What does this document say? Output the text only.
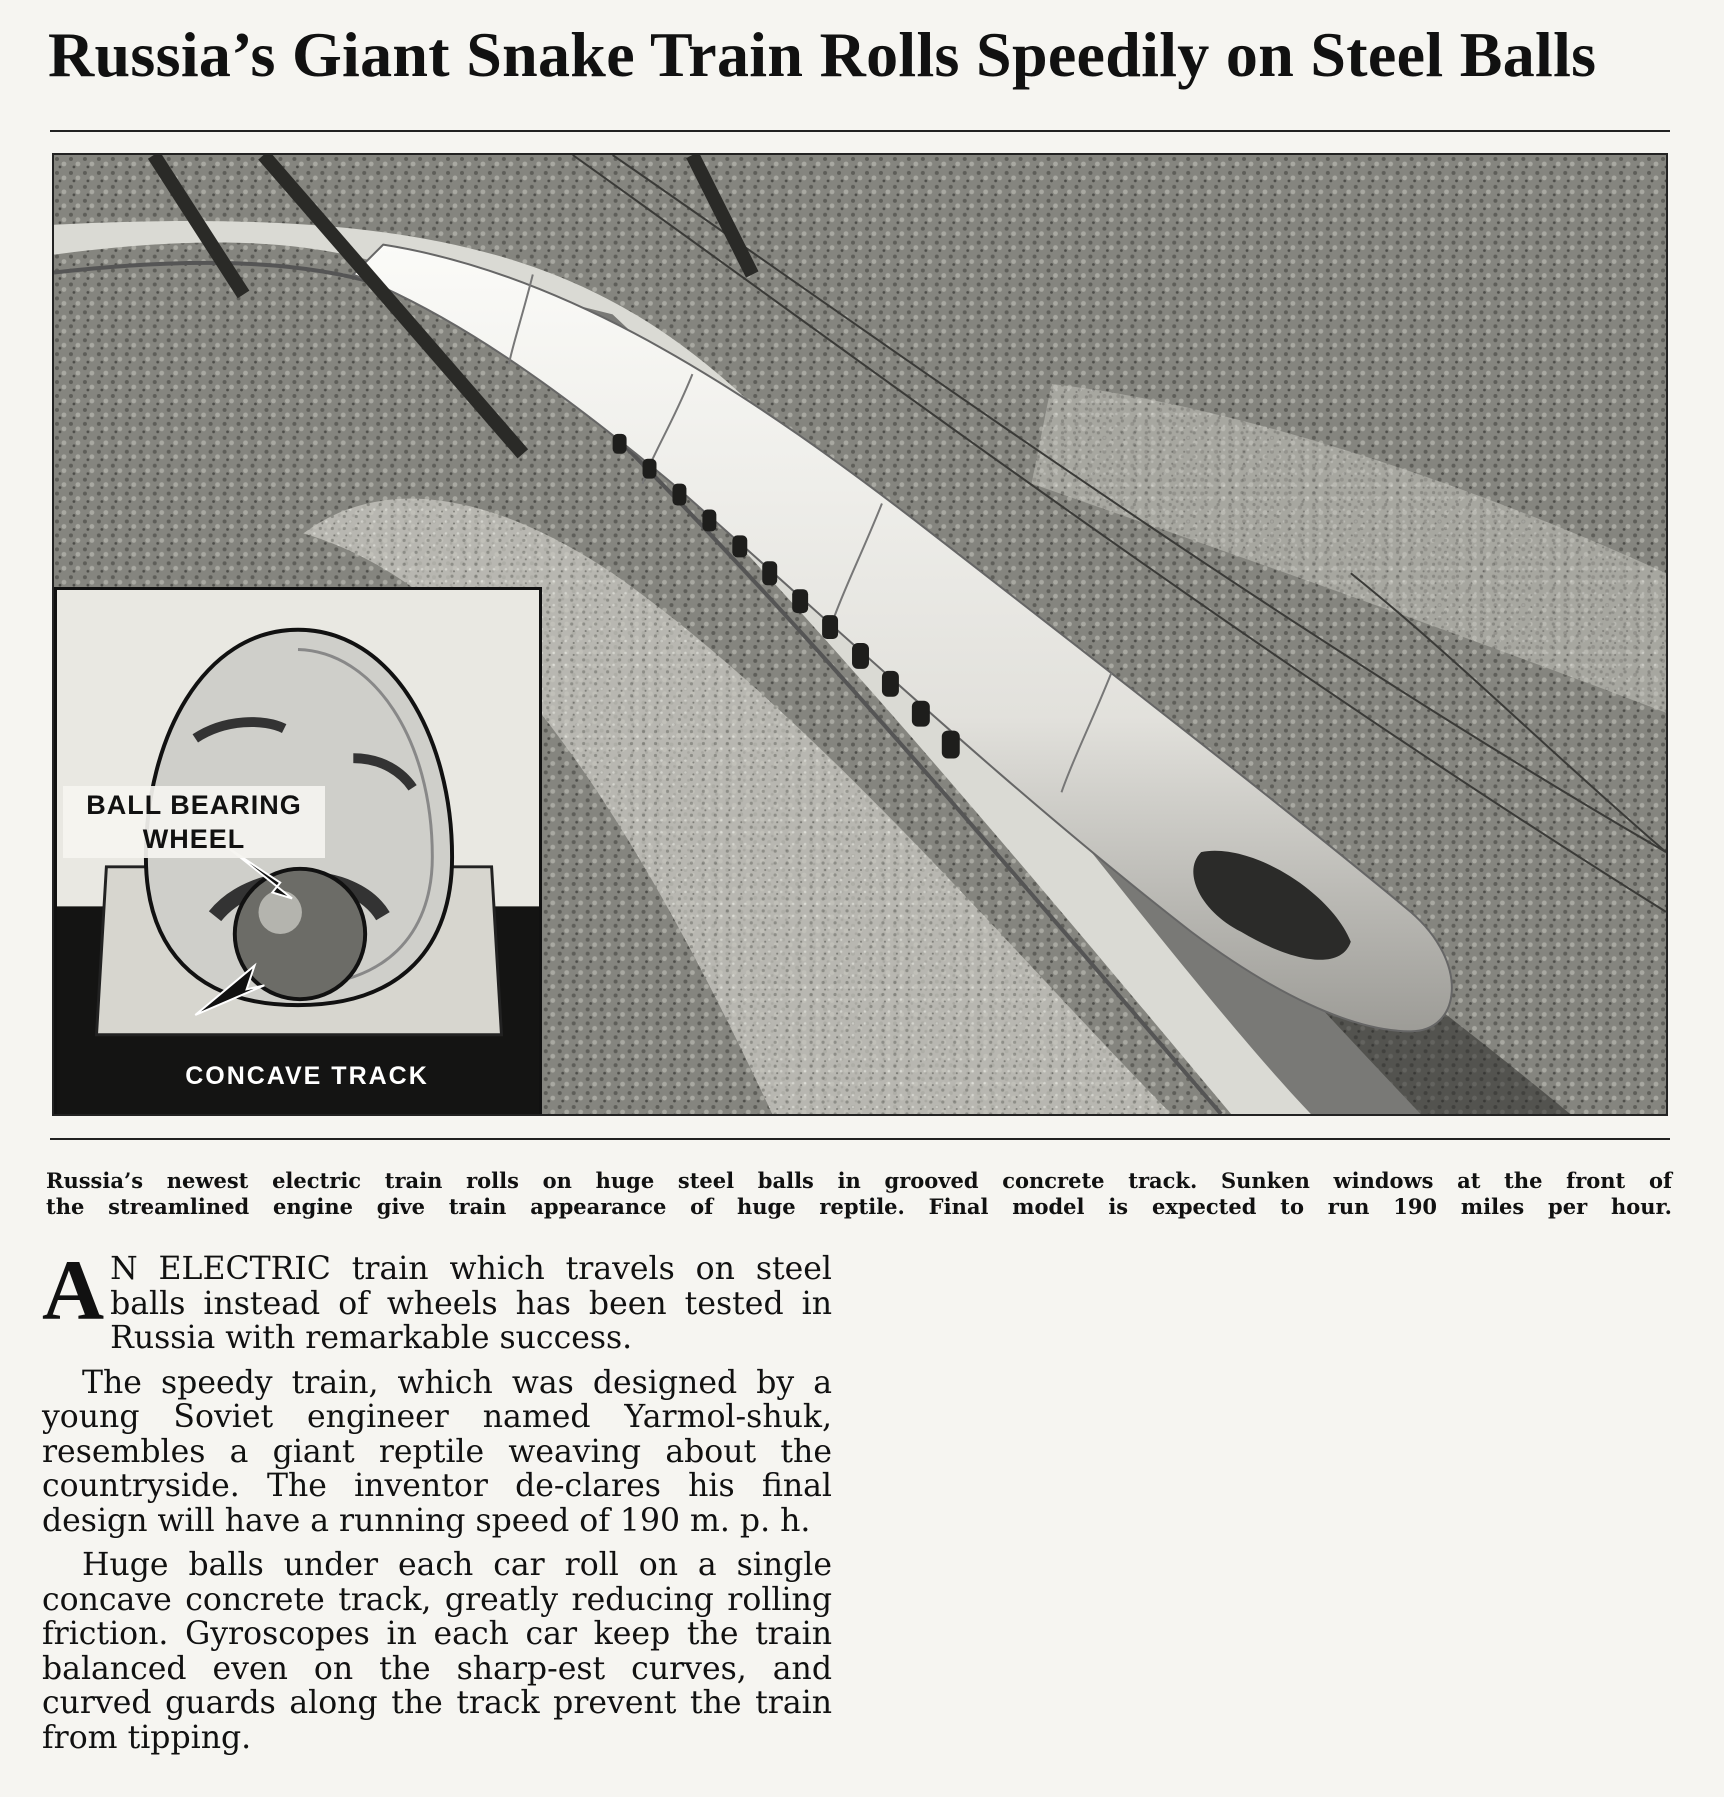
Russia’s Giant Snake Train Rolls Speedily on Steel Balls
BALL BEARING WHEEL
CONCAVE TRACK
Russia’s newest electric train rolls on huge steel balls in grooved concrete track. Sunken windows at the front of
the streamlined engine give train appearance of huge reptile. Final model is expected to run 190 miles per hour.

A N ELECTRIC train which travels on steel balls instead of wheels has been tested in Russia with remarkable success.

The speedy train, which was designed by a young Soviet engineer named Yarmol-shuk, resembles a giant reptile weaving about the countryside. The inventor de-clares his final design will have a running speed of 190 m. p. h.

Huge balls under each car roll on a single concave concrete track, greatly reducing rolling friction. Gyroscopes in each car keep the train balanced even on the sharp-est curves, and curved guards along the track prevent the train from tipping.
